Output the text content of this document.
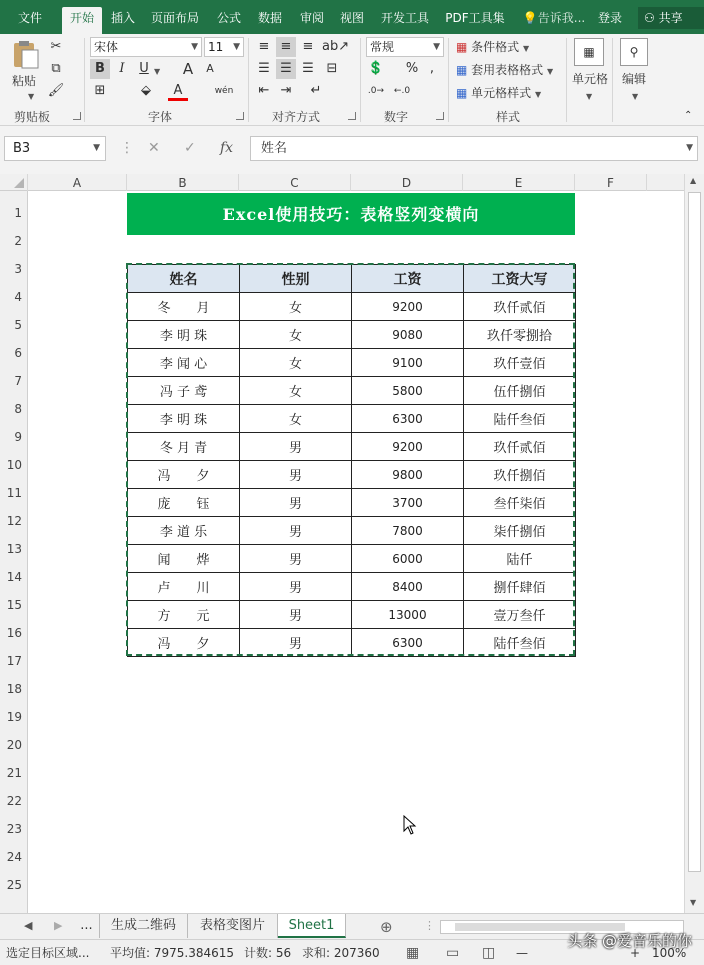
文件	开始	插入	页面布局	公式	数据	审阅	视图	开发工具	PDF工具集	💡告诉我...	登录	⚇ 共享
粘贴
▼
✂
⧉
🖌
剪贴板
宋体	▼ 11 ▼
B	I	U ▼	A	A
⊞	⬙	A	wén
字体
≡ ≡ ≡ ab↗
☰ ☰ ☰ ⊟
⇤ ⇥	↵
对齐方式
常规	▼
💲 % ,
.0→ ←.0
数字
▦ 条件格式 ▼
▦ 套用表格格式 ▼
▦ 单元格样式 ▼
样式
▦
单元格
▼
⚲
编辑
▼
⌃
B3	▼ ⋮ ✕ ✓ fx	姓名	▼
A	B	C	D	E	F
1
2
3
4
5
6
7
8
9
10
11
12
13
14
15
16
17
18
19
20
21
22
23
24
25
Excel使用技巧：表格竖列变横向
姓名	性别	工资	工资大写
冬　　月	女	9200	玖仟贰佰
李 明 珠	女	9080	玖仟零捌拾
李 闻 心	女	9100	玖仟壹佰
冯 子 鸢	女	5800	伍仟捌佰
李 明 珠	女	6300	陆仟叁佰
冬 月 青	男	9200	玖仟贰佰
冯　　夕	男	9800	玖仟捌佰
庞　　钰	男	3700	叁仟柒佰
李 道 乐	男	7800	柒仟捌佰
闻　　烨	男	6000	陆仟
卢　　川	男	8400	捌仟肆佰
方　　元	男	13000	壹万叁仟
冯　　夕	男	6300	陆仟叁佰
▲
▼
◀ ▶	...	生成二维码	表格变图片	Sheet1	⊕	⋮
选定目标区域... 平均值: 7975.384615 计数: 56 求和: 207360 ▦ ▭ ◫ —	+ 100%
头条 @爱音乐的你
